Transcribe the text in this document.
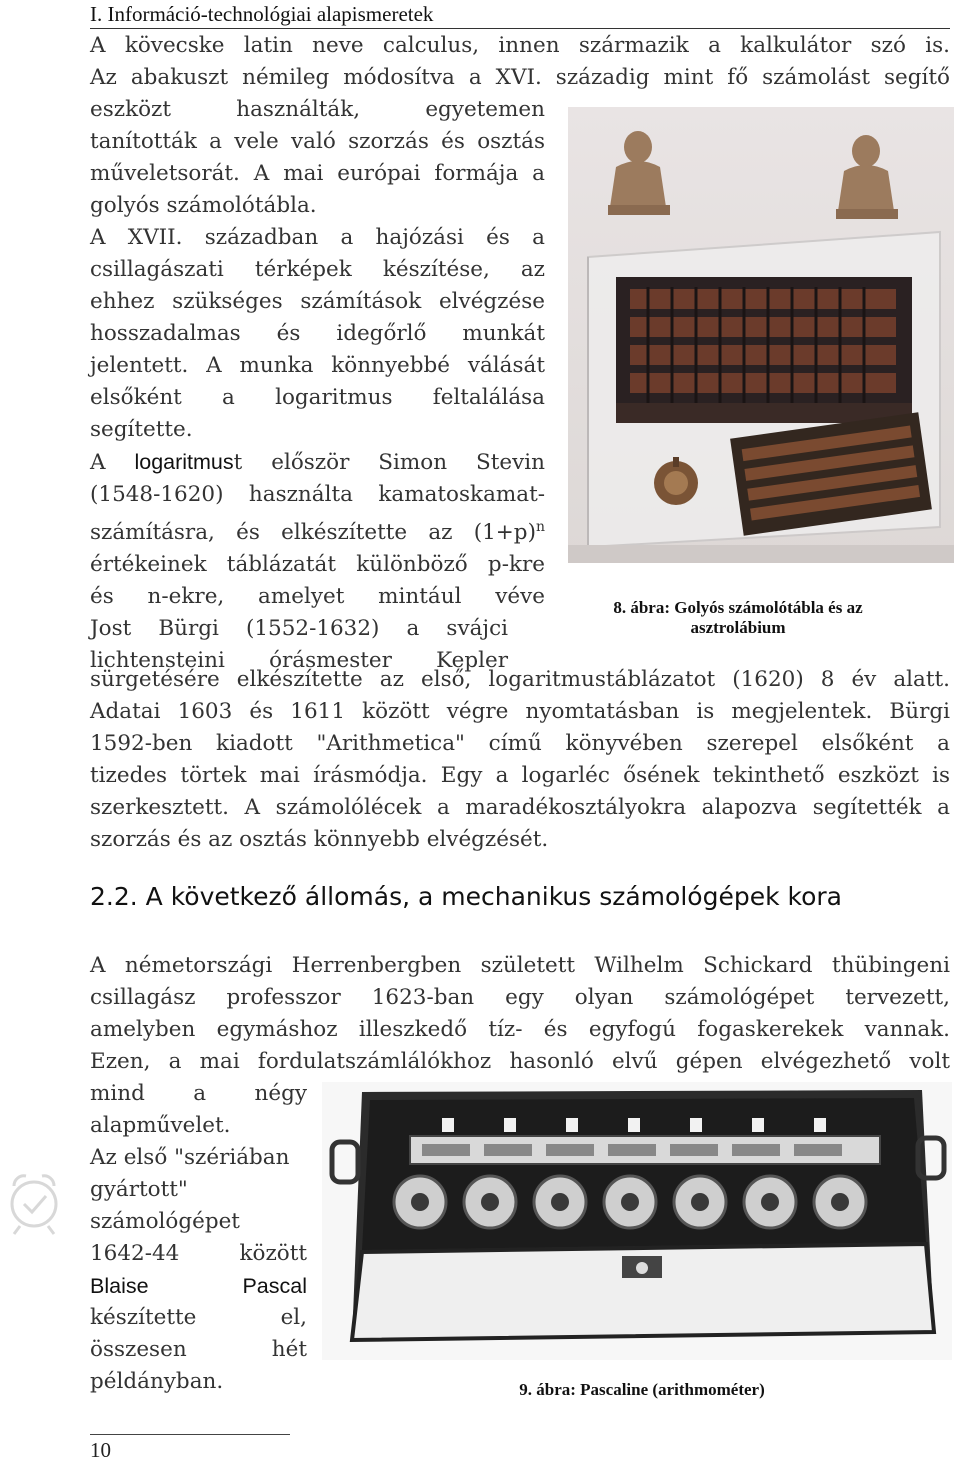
I. Információ-technológiai alapismeretek

A kövecske latin neve calculus, innen származik a kalkulátor szó is.

Az abakuszt némileg módosítva a XVI. századig mint fő számolást segítő

eszközt használták, egyetemen

tanították a vele való szorzás és osztás

műveletsorát. A mai európai formája a

golyós számolótábla.

A XVII. században a hajózási és a

csillagászati térképek készítése, az

ehhez szükséges számítások elvégzése

hosszadalmas és idegőrlő munkát

jelentett. A munka könnyebbé válását

elsőként a logaritmus feltalálása

segítette.

A logaritmust először Simon Stevin

(1548-1620) használta kamatoskamat-

számításra, és elkészítette az $(1+p)^n$

értékeinek táblázatát különböző p-kre

és n-ekre, amelyet mintául véve

Jost Bürgi (1552-1632) a svájci

lichtensteini órásmester Kepler

sürgetésére elkészítette az első, logaritmustáblázatot (1620) 8 év alatt.

Adatai 1603 és 1611 között végre nyomtatásban is megjelentek. Bürgi

1592-ben kiadott "Arithmetica" című könyvében szerepel elsőként a

tizedes törtek mai írásmódja. Egy a logarléc ősének tekinthető eszközt is

szerkesztett. A számolólécek a maradékosztályokra alapozva segítették a

szorzás és az osztás könnyebb elvégzését.

8. ábra: Golyós számolótábla és az
asztrolábium
2.2. A következő állomás, a mechanikus számológépek kora

A németországi Herrenbergben született Wilhelm Schickard thübingeni

csillagász professzor 1623-ban egy olyan számológépet tervezett,

amelyben egymáshoz illeszkedő tíz- és egyfogú fogaskerekek vannak.

Ezen, a mai fordulatszámlálókhoz hasonló elvű gépen elvégezhető volt

mind a négy

alapművelet.

Az első "szériában

gyártott"

számológépet

1642-44 között

Blaise Pascal

készítette el,

összesen hét

példányban.	9. ábra: Pascaline (arithmométer)
10
